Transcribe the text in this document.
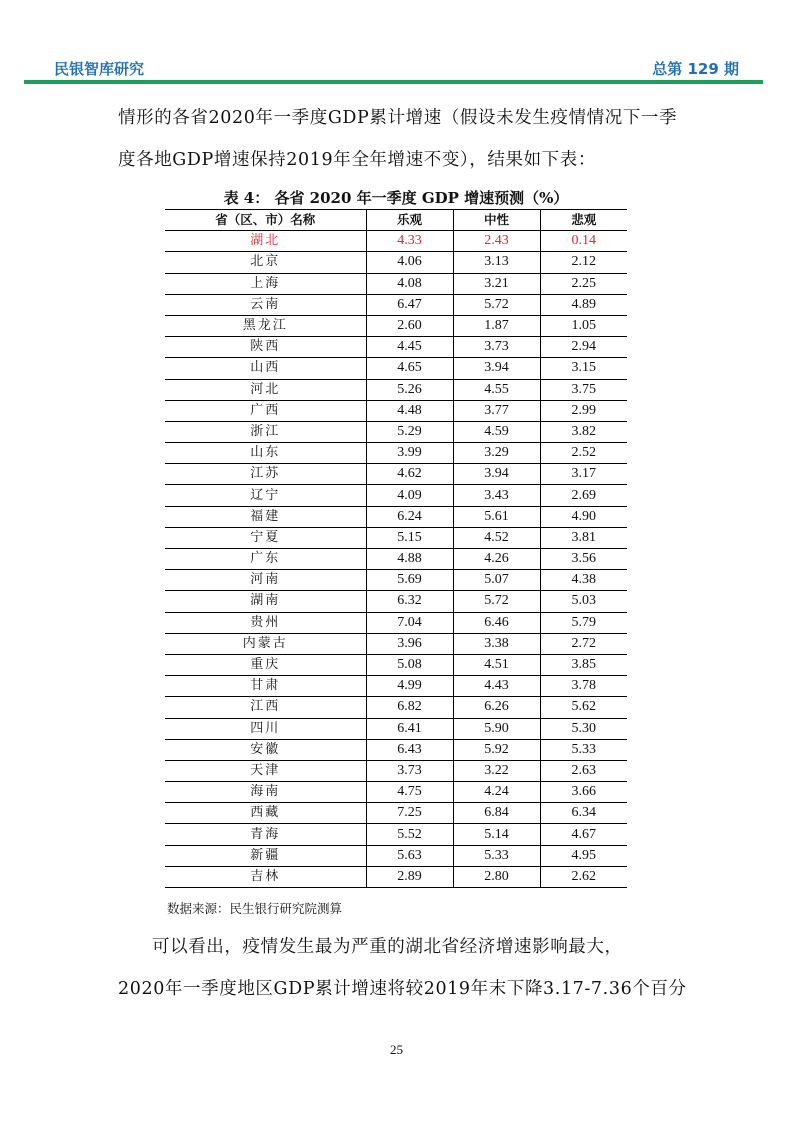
民银智库研究	总第 129 期
情形的各省2020年一季度GDP累计增速（假设未发生疫情情况下一季
度各地GDP增速保持2019年全年增速不变），结果如下表：
表 4： 各省 2020 年一季度 GDP 增速预测（%）
省（区、市）名称	乐观	中性	悲观
湖北	4.33	2.43	0.14
北京	4.06	3.13	2.12
上海	4.08	3.21	2.25
云南	6.47	5.72	4.89
黑龙江	2.60	1.87	1.05
陕西	4.45	3.73	2.94
山西	4.65	3.94	3.15
河北	5.26	4.55	3.75
广西	4.48	3.77	2.99
浙江	5.29	4.59	3.82
山东	3.99	3.29	2.52
江苏	4.62	3.94	3.17
辽宁	4.09	3.43	2.69
福建	6.24	5.61	4.90
宁夏	5.15	4.52	3.81
广东	4.88	4.26	3.56
河南	5.69	5.07	4.38
湖南	6.32	5.72	5.03
贵州	7.04	6.46	5.79
内蒙古	3.96	3.38	2.72
重庆	5.08	4.51	3.85
甘肃	4.99	4.43	3.78
江西	6.82	6.26	5.62
四川	6.41	5.90	5.30
安徽	6.43	5.92	5.33
天津	3.73	3.22	2.63
海南	4.75	4.24	3.66
西藏	7.25	6.84	6.34
青海	5.52	5.14	4.67
新疆	5.63	5.33	4.95
吉林	2.89	2.80	2.62
数据来源：民生银行研究院测算
可以看出，疫情发生最为严重的湖北省经济增速影响最大，
2020年一季度地区GDP累计增速将较2019年末下降3.17-7.36个百分
25
